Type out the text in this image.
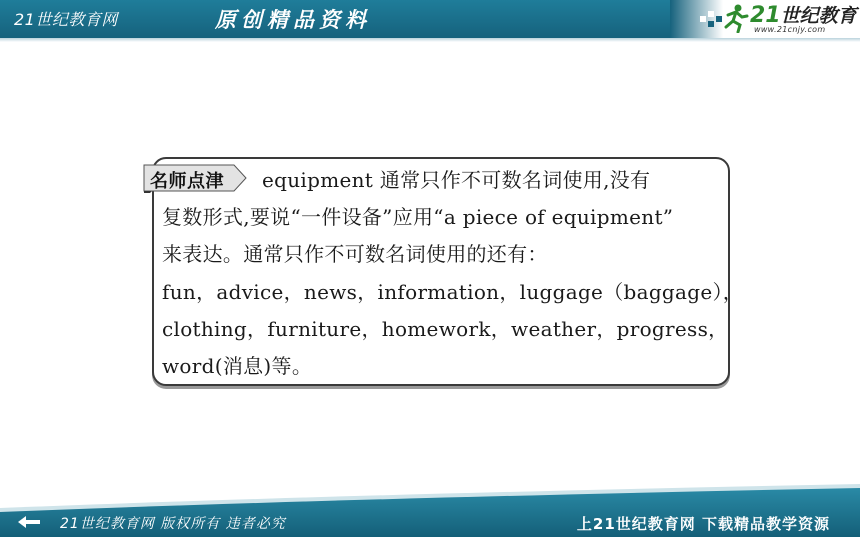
21世纪教育网	原创精品资料	21世纪教育
www.21cnjy.com
名师点津 equipment 通常只作不可数名词使用,没有
复数形式,要说“一件设备”应用“a piece of equipment”
来表达。通常只作不可数名词使用的还有：
fun，advice，news，information，luggage（baggage），
clothing，furniture，homework，weather，progress，
word(消息)等。
21世纪教育网 版权所有 违者必究	上21世纪教育网 下载精品教学资源
